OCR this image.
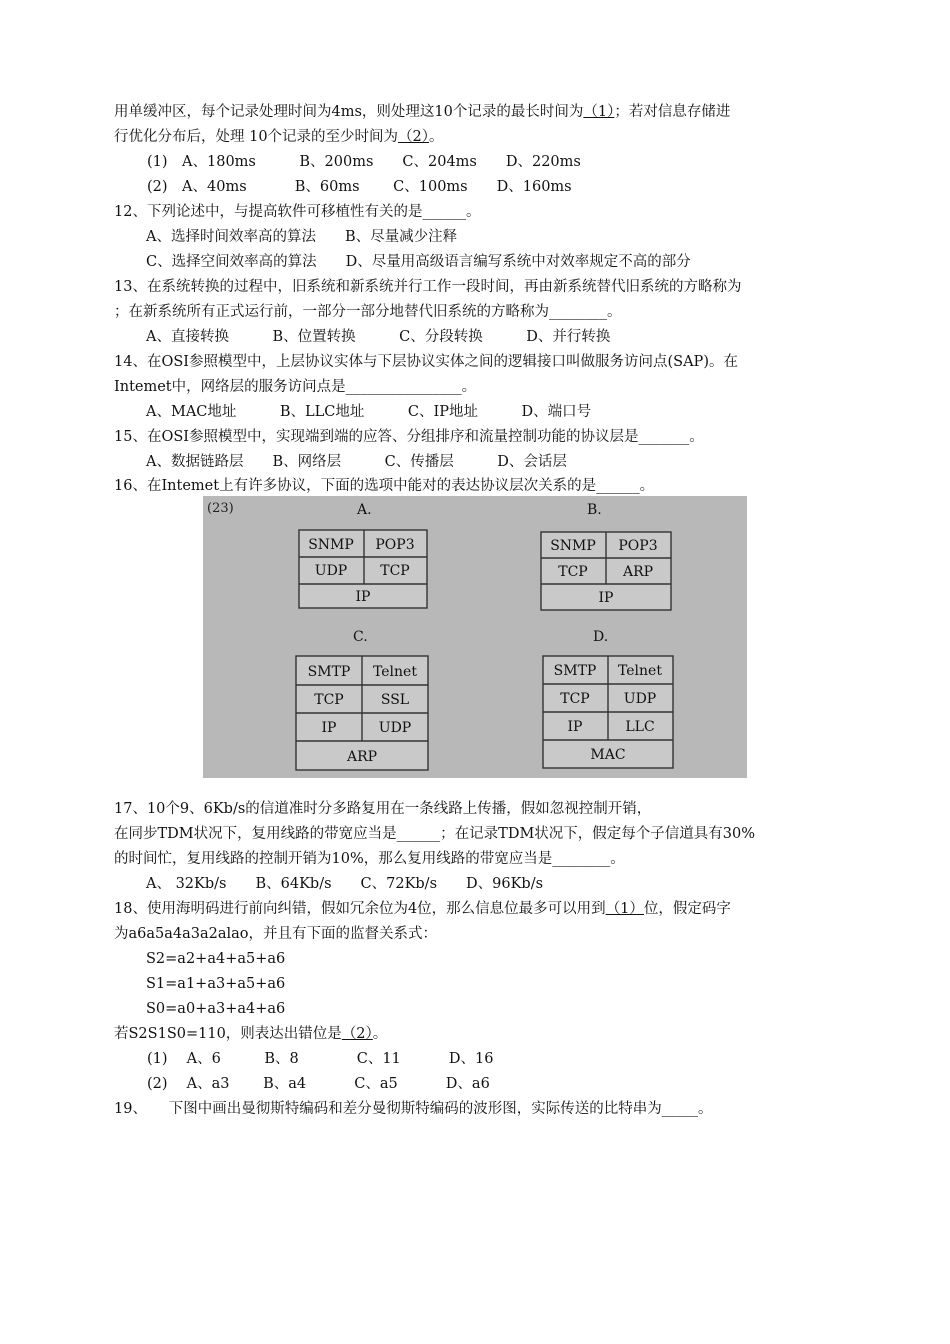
用单缓冲区，每个记录处理时间为4ms，则处理这10个记录的最长时间为（1）；若对信息存储进
行优化分布后，处理 10个记录的至少时间为（2）。
(1)　A、180ms　　　B、200ms　　C、204ms　　D、220ms
(2)　A、40ms　　　 B、60ms　　 C、100ms　　D、160ms
12、下列论述中，与提高软件可移植性有关的是______。
A、选择时间效率高的算法　　B、尽量减少注释
C、选择空间效率高的算法　　D、尽量用高级语言编写系统中对效率规定不高的部分
13、在系统转换的过程中，旧系统和新系统并行工作一段时间，再由新系统替代旧系统的方略称为
；在新系统所有正式运行前，一部分一部分地替代旧系统的方略称为________。
A、直接转换　　　B、位置转换　　　C、分段转换　　　D、并行转换
14、在OSI参照模型中，上层协议实体与下层协议实体之间的逻辑接口叫做服务访问点(SAP)。在
Intemet中，网络层的服务访问点是________________。
A、MAC地址　　　B、LLC地址　　　C、IP地址　　　D、端口号
15、在OSI参照模型中，实现端到端的应答、分组排序和流量控制功能的协议层是_______。
A、数据链路层　　B、网络层　　　C、传播层　　　D、会话层
16、在Intemet上有许多协议，下面的选项中能对的表达协议层次关系的是______。
(23)	A.
SNMP POP3
UDP TCP
IP
B.
SNMP POP3
TCP	ARP
IP
C.
SMTP Telnet
TCP	SSL
IP	UDP
ARP
D.
SMTP Telnet
TCP UDP
IP	LLC
MAC
17、10个9、6Kb/s的信道准时分多路复用在一条线路上传播，假如忽视控制开销，
在同步TDM状况下，复用线路的带宽应当是______；在记录TDM状况下，假定每个子信道具有30%
的时间忙，复用线路的控制开销为10%，那么复用线路的带宽应当是________。
A、 32Kb/s　　B、64Kb/s　　C、72Kb/s　　D、96Kb/s
18、使用海明码进行前向纠错，假如冗余位为4位，那么信息位最多可以用到（1）位，假定码字
为a6a5a4a3a2alao，并且有下面的监督关系式：
S2=a2+a4+a5+a6
S1=a1+a3+a5+a6
S0=a0+a3+a4+a6
若S2S1S0=110，则表达出错位是（2）。
(1)　 A、6　　　B、8　　　　C、11　　　 D、16
(2)　 A、a3　　 B、a4　　　 C、a5　　　 D、a6
19、　　下图中画出曼彻斯特编码和差分曼彻斯特编码的波形图，实际传送的比特串为_____。
